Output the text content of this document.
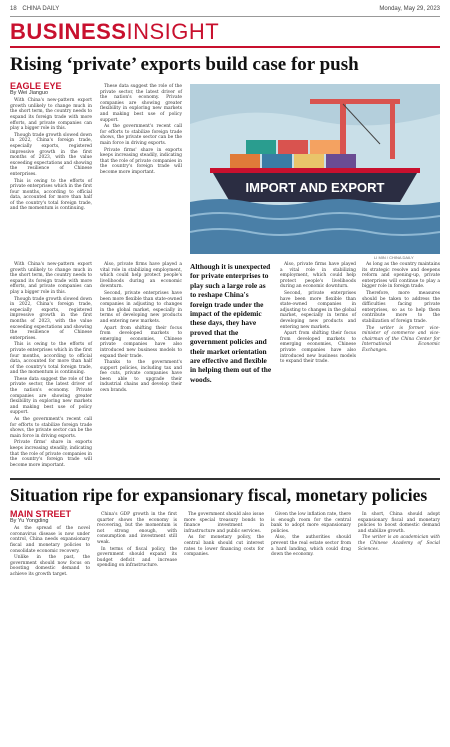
18 CHINA DAILY	Monday, May 29, 2023
BUSINESSINSIGHT
Rising ‘private’ exports build case for push
EAGLE EYE
By Wei Jianguo

With China's new-pattern export growth unlikely to change much in the short term, the country needs to expand its foreign trade with more efforts, and private companies can play a bigger role in this.

Though trade growth slowed down in 2022, China's foreign trade, especially exports, registered impressive growth in the first months of 2023, with the value exceeding expectations and showing the resilience of Chinese enterprises.

This is owing to the efforts of private enterprises which in the first four months, according to official data, accounted for more than half of the country's total foreign trade, and the momentum is continuing.

These data suggest the role of the private sector, the latest driver of the nation's economy. Private companies are showing greater flexibility in exploring new markets and making best use of policy support.

As the government's recent call for efforts to stabilize foreign trade shows, the private sector can be the main force in driving exports.

Private firms' share in exports keeps increasing steadily, indicating that the role of private companies in the country's foreign trade will become more important.

IMPORT AND EXPORT
LI MIN / CHINA DAILY

With China's new-pattern export growth unlikely to change much in the short term, the country needs to expand its foreign trade with more efforts, and private companies can play a bigger role in this.

Though trade growth slowed down in 2022, China's foreign trade, especially exports, registered impressive growth in the first months of 2023, with the value exceeding expectations and showing the resilience of Chinese enterprises.

This is owing to the efforts of private enterprises which in the first four months, according to official data, accounted for more than half of the country's total foreign trade, and the momentum is continuing.

These data suggest the role of the private sector, the latest driver of the nation's economy. Private companies are showing greater flexibility in exploring new markets and making best use of policy support.

As the government's recent call for efforts to stabilize foreign trade shows, the private sector can be the main force in driving exports.

Private firms' share in exports keeps increasing steadily, indicating that the role of private companies in the country's foreign trade will become more important.

Also, private firms have played a vital role in stabilizing employment, which could help protect people's livelihoods during an economic downturn.

Second, private enterprises have been more flexible than state-owned companies in adjusting to changes in the global market, especially in terms of developing new products and entering new markets.

Apart from shifting their focus from developed markets to emerging economies, Chinese private companies have also introduced new business models to expand their trade.

Thanks to the government's support policies, including tax and fee cuts, private companies have been able to upgrade their industrial chains and develop their own brands.

Although it is unexpected for private enterprises to play such a large role as to reshape China's foreign trade under the impact of the epidemic these days, they have proved that the government policies and their market orientation are effective and flexible in helping them out of the woods.

Also, private firms have played a vital role in stabilizing employment, which could help protect people's livelihoods during an economic downturn.

Second, private enterprises have been more flexible than state-owned companies in adjusting to changes in the global market, especially in terms of developing new products and entering new markets.

Apart from shifting their focus from developed markets to emerging economies, Chinese private companies have also introduced new business models to expand their trade.

As long as the country maintains its strategic resolve and deepens reform and opening-up, private enterprises will continue to play a bigger role in foreign trade.

Therefore, more measures should be taken to address the difficulties facing private enterprises, so as to help them contribute more to the stabilization of foreign trade.

The writer is former vice-minister of commerce and vice-chairman of the China Center for International Economic Exchanges.

Situation ripe for expansionary fiscal, monetary policies
MAIN STREET
By Yu Yongding

As the spread of the novel coronavirus disease is now under control, China needs expansionary fiscal and monetary policies to consolidate economic recovery.

Unlike in the past, the government should now focus on boosting domestic demand to achieve its growth target.

China's GDP growth in the first quarter shows the economy is recovering, but the momentum is not strong enough, with consumption and investment still weak.

In terms of fiscal policy, the government should expand its budget deficit and increase spending on infrastructure.

The government should also issue more special treasury bonds to finance investment in infrastructure and public services.

As for monetary policy, the central bank should cut interest rates to lower financing costs for companies.

Given the low inflation rate, there is enough room for the central bank to adopt more expansionary policies.

Also, the authorities should prevent the real estate sector from a hard landing, which could drag down the economy.

In short, China should adopt expansionary fiscal and monetary policies to boost domestic demand and stabilize growth.

The writer is an academician with the Chinese Academy of Social Sciences.
